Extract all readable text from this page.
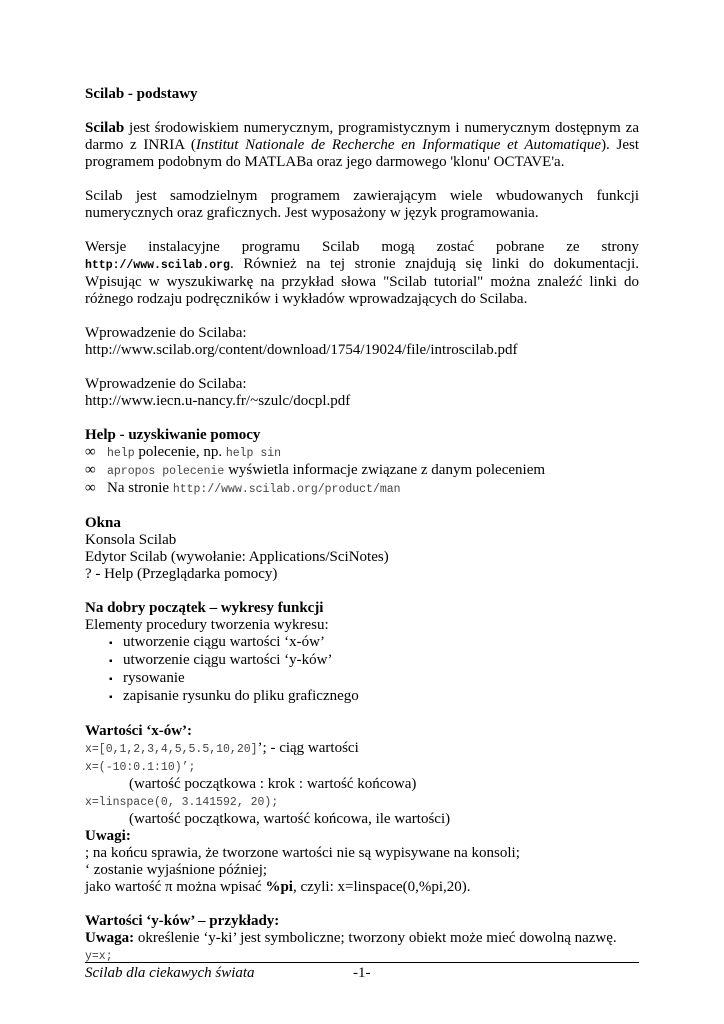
Scilab - podstawy

Scilab jest środowiskiem numerycznym, programistycznym i numerycznym dostępnym za darmo z INRIA (Institut Nationale de Recherche en Informatique et Automatique). Jest programem podobnym do MATLABa oraz jego darmowego 'klonu' OCTAVE'a.

Scilab jest samodzielnym programem zawierającym wiele wbudowanych funkcji numerycznych oraz graficznych. Jest wyposażony w język programowania.

Wersje instalacyjne programu Scilab mogą zostać pobrane ze strony http://www.scilab.org. Również na tej stronie znajdują się linki do dokumentacji. Wpisując w wyszukiwarkę na przykład słowa "Scilab tutorial" można znaleźć linki do różnego rodzaju podręczników i wykładów wprowadzających do Scilaba.

Wprowadzenie do Scilaba:

http://www.scilab.org/content/download/1754/19024/file/introscilab.pdf

Wprowadzenie do Scilaba:

http://www.iecn.u-nancy.fr/~szulc/docpl.pdf

Help - uzyskiwanie pomocy

∞ help polecenie, np. help sin
∞ apropos polecenie wyświetla informacje związane z danym poleceniem
∞ Na stronie http://www.scilab.org/product/man

Okna

Konsola Scilab

Edytor Scilab (wywołanie: Applications/SciNotes)

? - Help (Przeglądarka pomocy)

Na dobry początek – wykresy funkcji

Elementy procedury tworzenia wykresu:

▪ utworzenie ciągu wartości ‘x-ów’
▪ utworzenie ciągu wartości ‘y-ków’
▪ rysowanie
▪ zapisanie rysunku do pliku graficznego

Wartości ‘x-ów’:

x=[0,1,2,3,4,5,5.5,10,20]’; - ciąg wartości

x=(-10:0.1:10)’;

(wartość początkowa : krok : wartość końcowa)

x=linspace(0, 3.141592, 20);

(wartość początkowa, wartość końcowa, ile wartości)

Uwagi:

; na końcu sprawia, że tworzone wartości nie są wypisywane na konsoli;

‘ zostanie wyjaśnione później;

jako wartość π można wpisać %pi, czyli: x=linspace(0,%pi,20).

Wartości ‘y-ków’ – przykłady:

Uwaga: określenie ‘y-ki’ jest symboliczne; tworzony obiekt może mieć dowolną nazwę.

y=x;

Scilab dla ciekawych świata	-1-
